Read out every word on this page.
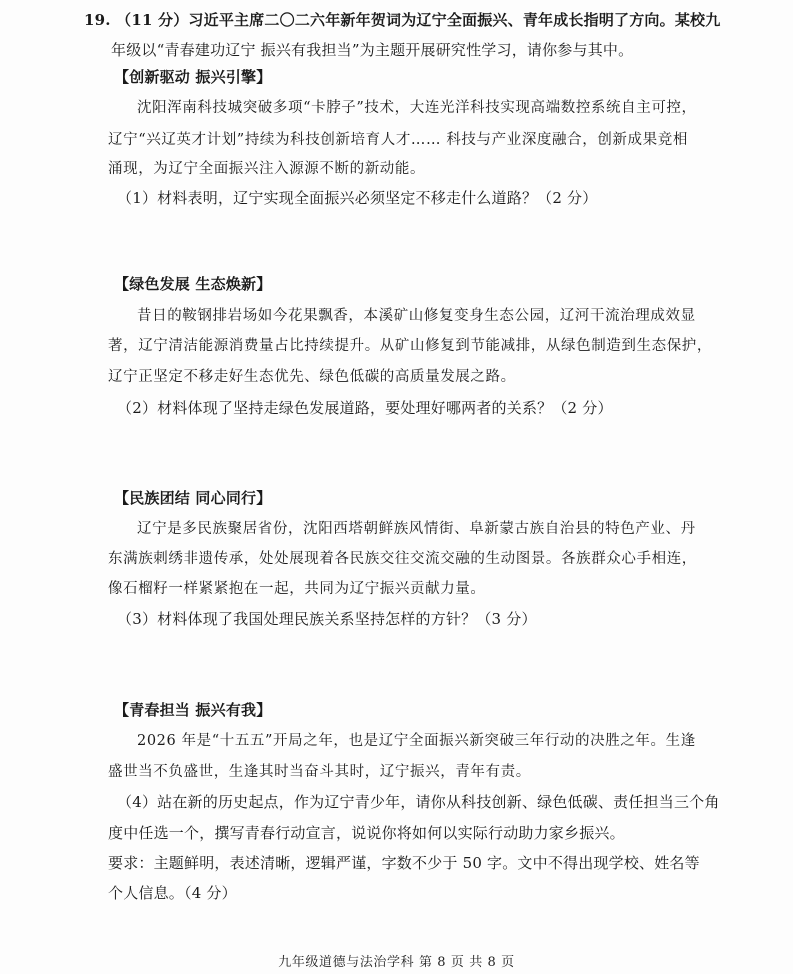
19. （11 分）习近平主席二〇二六年新年贺词为辽宁全面振兴、青年成长指明了方向。某校九
年级以“青春建功辽宁 振兴有我担当”为主题开展研究性学习，请你参与其中。
【创新驱动 振兴引擎】
沈阳浑南科技城突破多项“卡脖子”技术，大连光洋科技实现高端数控系统自主可控，
辽宁“兴辽英才计划”持续为科技创新培育人才…… 科技与产业深度融合，创新成果竞相
涌现，为辽宁全面振兴注入源源不断的新动能。
（1）材料表明，辽宁实现全面振兴必须坚定不移走什么道路？（2 分）
【绿色发展 生态焕新】
昔日的鞍钢排岩场如今花果飘香，本溪矿山修复变身生态公园，辽河干流治理成效显
著，辽宁清洁能源消费量占比持续提升。从矿山修复到节能减排，从绿色制造到生态保护，
辽宁正坚定不移走好生态优先、绿色低碳的高质量发展之路。
（2）材料体现了坚持走绿色发展道路，要处理好哪两者的关系？（2 分）
【民族团结 同心同行】
辽宁是多民族聚居省份，沈阳西塔朝鲜族风情街、阜新蒙古族自治县的特色产业、丹
东满族刺绣非遗传承，处处展现着各民族交往交流交融的生动图景。各族群众心手相连，
像石榴籽一样紧紧抱在一起，共同为辽宁振兴贡献力量。
（3）材料体现了我国处理民族关系坚持怎样的方针？（3 分）
【青春担当 振兴有我】
2026 年是“十五五”开局之年，也是辽宁全面振兴新突破三年行动的决胜之年。生逢
盛世当不负盛世，生逢其时当奋斗其时，辽宁振兴，青年有责。
（4）站在新的历史起点，作为辽宁青少年，请你从科技创新、绿色低碳、责任担当三个角
度中任选一个，撰写青春行动宣言，说说你将如何以实际行动助力家乡振兴。
要求：主题鲜明，表述清晰，逻辑严谨，字数不少于 50 字。文中不得出现学校、姓名等
个人信息。（4 分）
九年级道德与法治学科 第 8 页 共 8 页
